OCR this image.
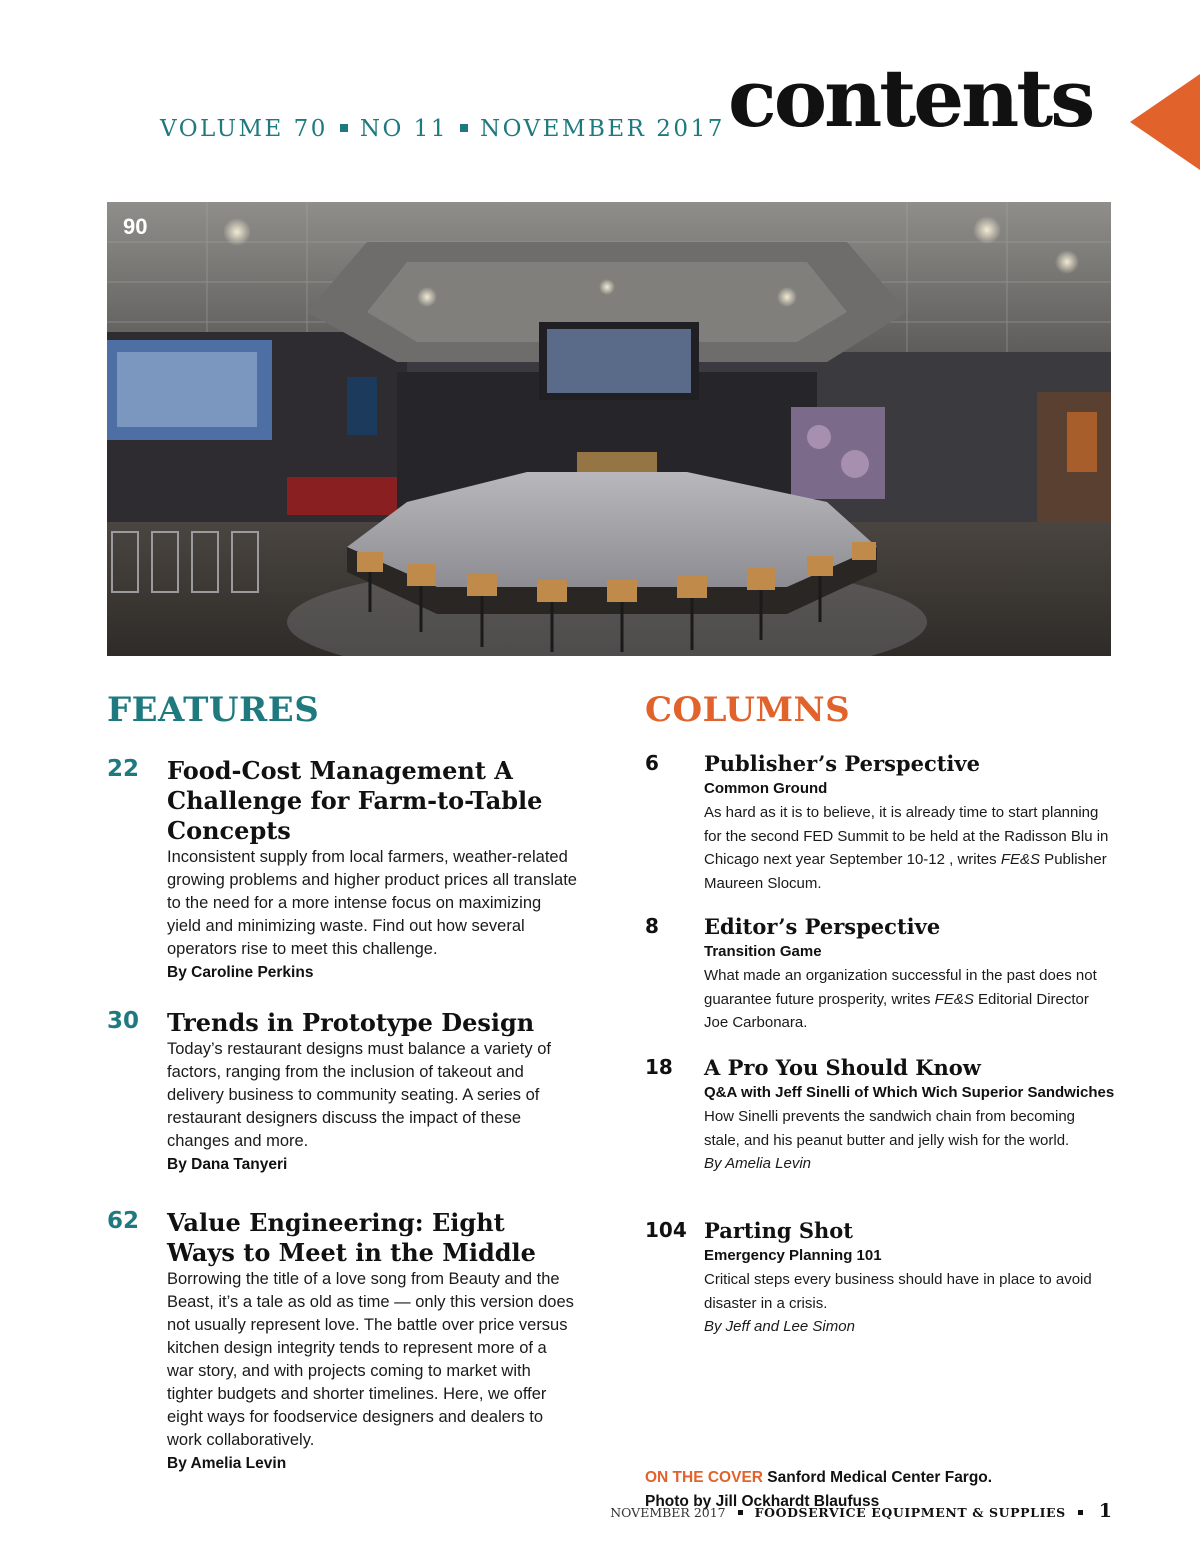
VOLUME 70 NO 11 NOVEMBER 2017 contents
90
FEATURES	COLUMNS
22 Food-Cost Management A Challenge for Farm-to-Table Concepts
Inconsistent supply from local farmers, weather-related growing problems and higher product prices all translate to the need for a more intense focus on maximizing yield and minimizing waste. Find out how several operators rise to meet this challenge.
By Caroline Perkins
30 Trends in Prototype Design
Today’s restaurant designs must balance a variety of factors, ranging from the inclusion of takeout and delivery business to community seating. A series of restaurant designers discuss the impact of these changes and more.
By Dana Tanyeri
62 Value Engineering: Eight Ways to Meet in the Middle
Borrowing the title of a love song from Beauty and the Beast, it’s a tale as old as time — only this version does not usually represent love. The battle over price versus kitchen design integrity tends to represent more of a war story, and with projects coming to market with tighter budgets and shorter timelines. Here, we offer eight ways for foodservice designers and dealers to work collaboratively.
By Amelia Levin
6 Publisher’s Perspective
Common Ground
As hard as it is to believe, it is already time to start planning for the second FED Summit to be held at the Radisson Blu in Chicago next year September 10-12 , writes FE&S Publisher Maureen Slocum.
8 Editor’s Perspective
Transition Game
What made an organization successful in the past does not guarantee future prosperity, writes FE&S Editorial Director Joe Carbonara.
18 A Pro You Should Know
Q&A with Jeff Sinelli of Which Wich Superior Sandwiches
How Sinelli prevents the sandwich chain from becoming stale, and his peanut butter and jelly wish for the world.
By Amelia Levin
104 Parting Shot
Emergency Planning 101
Critical steps every business should have in place to avoid disaster in a crisis.
By Jeff and Lee Simon
ON THE COVER Sanford Medical Center Fargo.
Photo by Jill Ockhardt Blaufuss
NOVEMBER 2017 FOODSERVICE EQUIPMENT & SUPPLIES 1
